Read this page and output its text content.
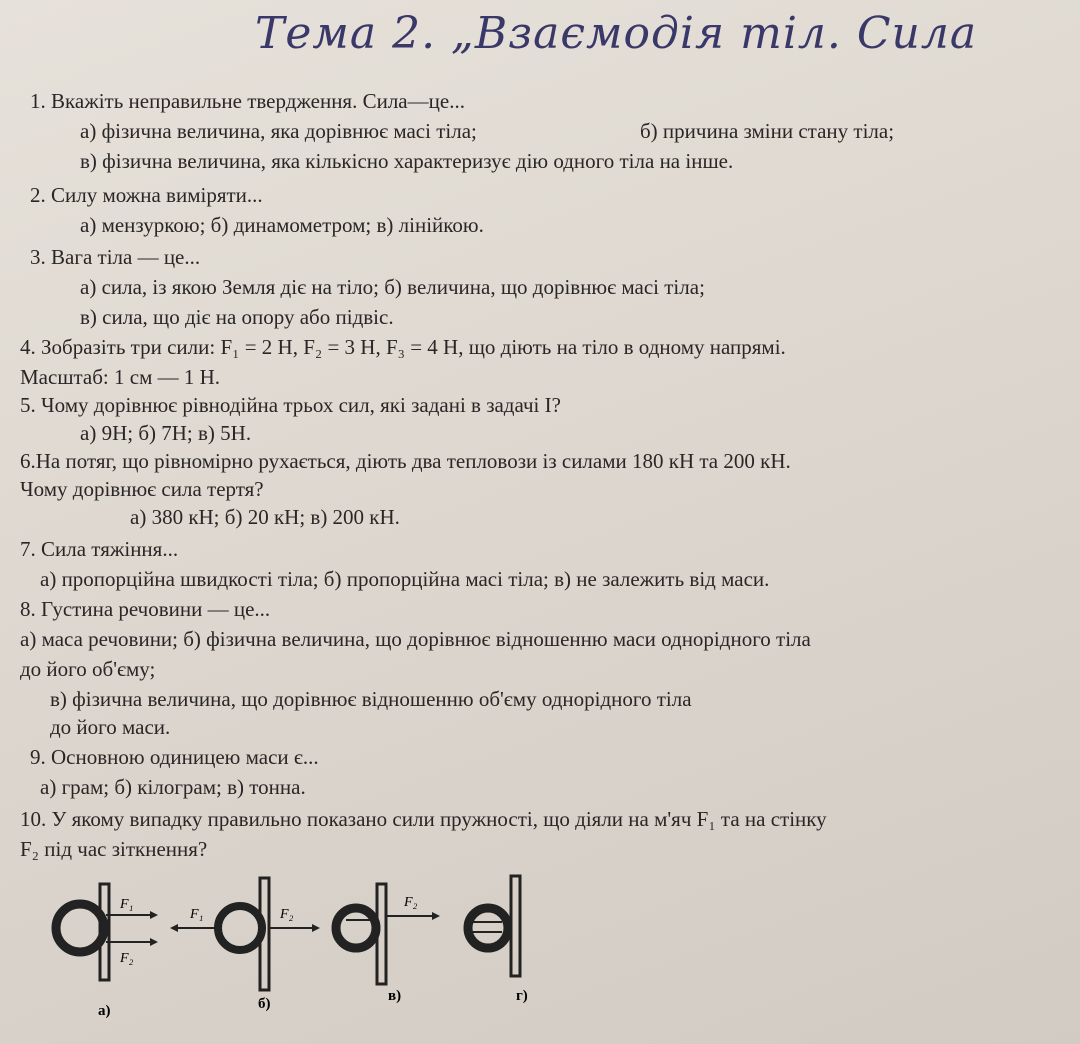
Тема 2. „Взаємодія тіл. Сила
1. Вкажіть неправильне твердження. Сила—це...
а) фізична величина, яка дорівнює масі тіла;	б) причина зміни стану тіла;
в) фізична величина, яка кількісно характеризує дію одного тіла на інше.
2. Силу можна виміряти...
а) мензуркою; б) динамометром; в) лінійкою.
3. Вага тіла — це...
а) сила, із якою Земля діє на тіло; б) величина, що дорівнює масі тіла;
в) сила, що діє на опору або підвіс.
4. Зобразіть три сили: F₁ = 2 Н, F₂ = 3 Н, F₃ = 4 Н, що діють на тіло в одному напрямі.
Масштаб: 1 см — 1 Н.
5. Чому дорівнює рівнодійна трьох сил, які задані в задачі I?
а) 9Н; б) 7Н; в) 5Н.
6.На потяг, що рівномірно рухається, діють два тепловози із силами 180 кН та 200 кН.
Чому дорівнює сила тертя?
а) 380 кН; б) 20 кН; в) 200 кН.
7. Сила тяжіння...
а) пропорційна швидкості тіла; б) пропорційна масі тіла; в) не залежить від маси.
8. Густина речовини — це...
а) маса речовини; б) фізична величина, що дорівнює відношенню маси однорідного тіла
до його об'єму;
в) фізична величина, що дорівнює відношенню об'єму однорідного тіла
до його маси.
9. Основною одиницею маси є...
а) грам; б) кілограм; в) тонна.
10. У якому випадку правильно показано сили пружності, що діяли на м'яч F₁ та на стінку
F₂ під час зіткнення?
F₁
F₂
а)
F₁	F₂
б)
F₂
в)	г)
